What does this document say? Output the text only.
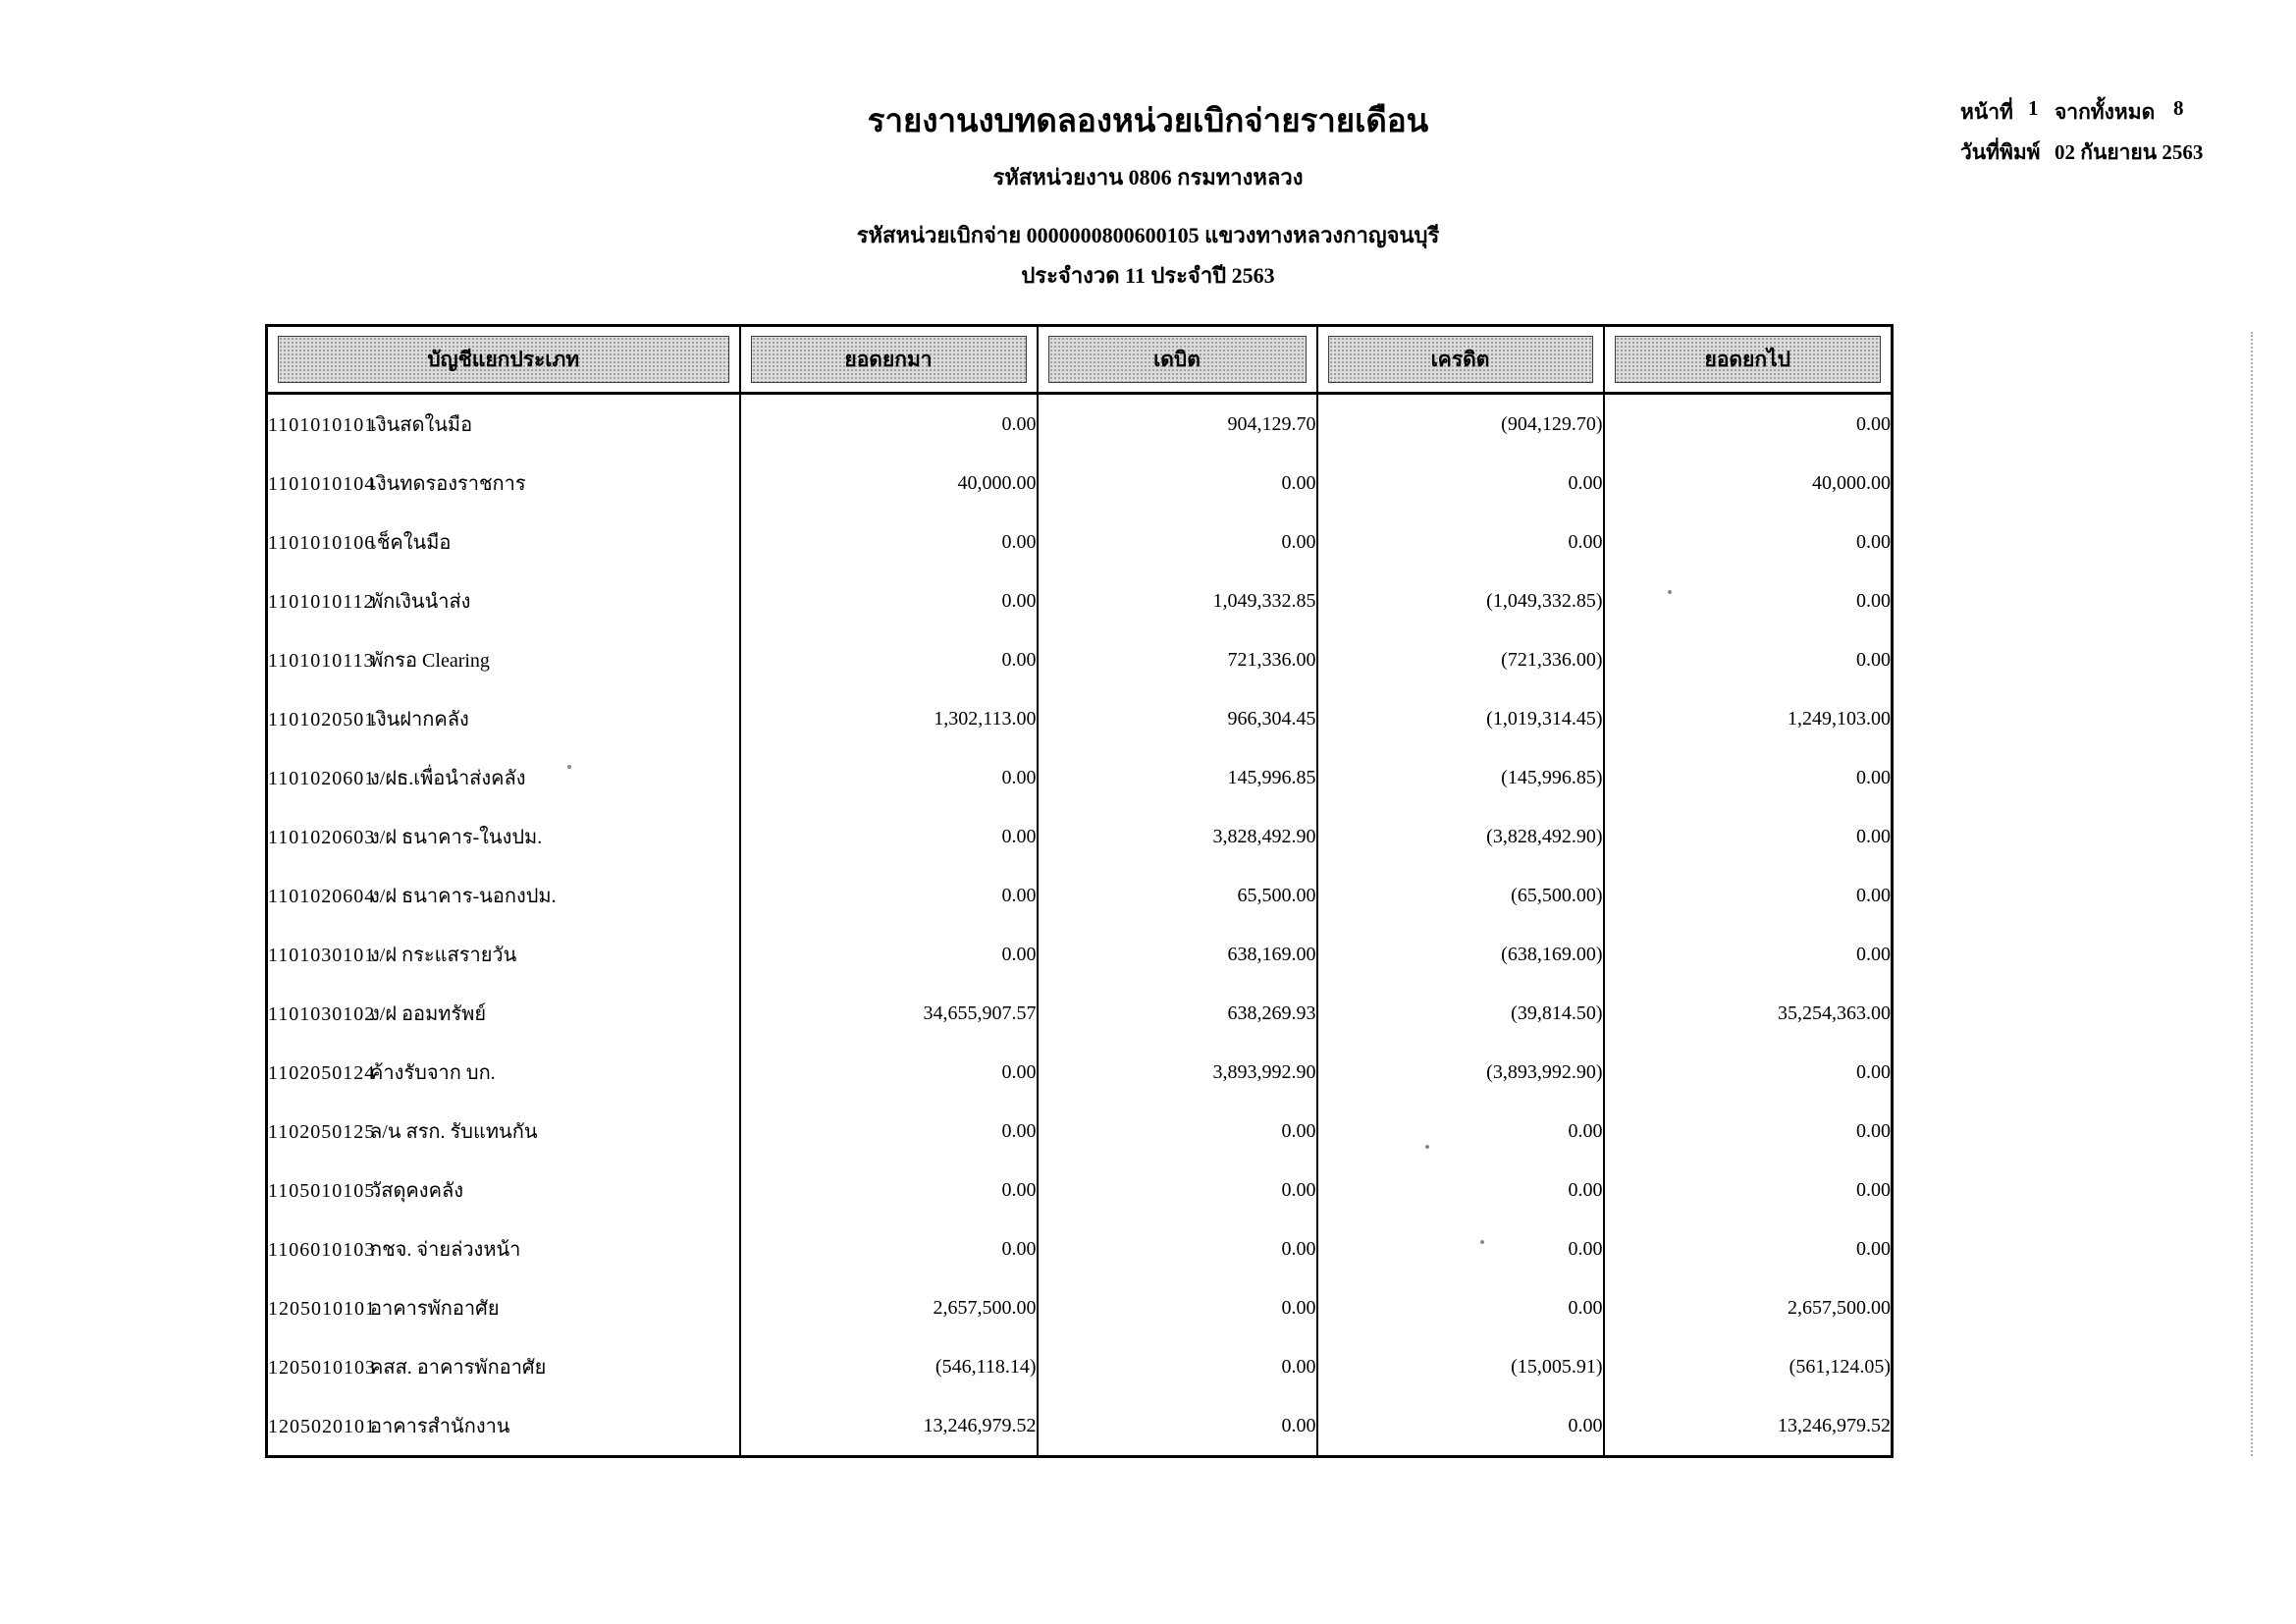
รายงานงบทดลองหน่วยเบิกจ่ายรายเดือน
รหัสหน่วยงาน 0806 กรมทางหลวง
รหัสหน่วยเบิกจ่าย 0000000800600105 แขวงทางหลวงกาญจนบุรี
ประจำงวด 11 ประจำปี 2563
หน้าที่ 1 จากทั้งหมด 8
วันที่พิมพ์ 02 กันยายน 2563
บัญชีแยกประเภท	ยอดยกมา	เดบิต	เครดิต	ยอดยกไป

1101010101เงินสดในมือ	0.00	904,129.70	(904,129.70)	0.00
1101010104เงินทดรองราชการ	40,000.00	0.00	0.00	40,000.00
1101010106เช็คในมือ	0.00	0.00	0.00	0.00
1101010112พักเงินนำส่ง	0.00	1,049,332.85	(1,049,332.85)	0.00
1101010113พักรอ Clearing	0.00	721,336.00	(721,336.00)	0.00
1101020501เงินฝากคลัง	1,302,113.00	966,304.45	(1,019,314.45)	1,249,103.00
1101020601ง/ฝธ.เพื่อนำส่งคลัง	0.00	145,996.85	(145,996.85)	0.00
1101020603ง/ฝ ธนาคาร-ในงปม.	0.00	3,828,492.90	(3,828,492.90)	0.00
1101020604ง/ฝ ธนาคาร-นอกงปม.	0.00	65,500.00	(65,500.00)	0.00
1101030101ง/ฝ กระแสรายวัน	0.00	638,169.00	(638,169.00)	0.00
1101030102ง/ฝ ออมทรัพย์	34,655,907.57	638,269.93	(39,814.50)	35,254,363.00
1102050124ค้างรับจาก บก.	0.00	3,893,992.90	(3,893,992.90)	0.00
1102050125ล/น สรก. รับแทนกัน	0.00	0.00	0.00	0.00
1105010105วัสดุคงคลัง	0.00	0.00	0.00	0.00
1106010103กชจ. จ่ายล่วงหน้า	0.00	0.00	0.00	0.00
1205010101อาคารพักอาศัย	2,657,500.00	0.00	0.00	2,657,500.00
1205010103คสส. อาคารพักอาศัย	(546,118.14)	0.00	(15,005.91)	(561,124.05)
1205020101อาคารสำนักงาน	13,246,979.52	0.00	0.00	13,246,979.52
